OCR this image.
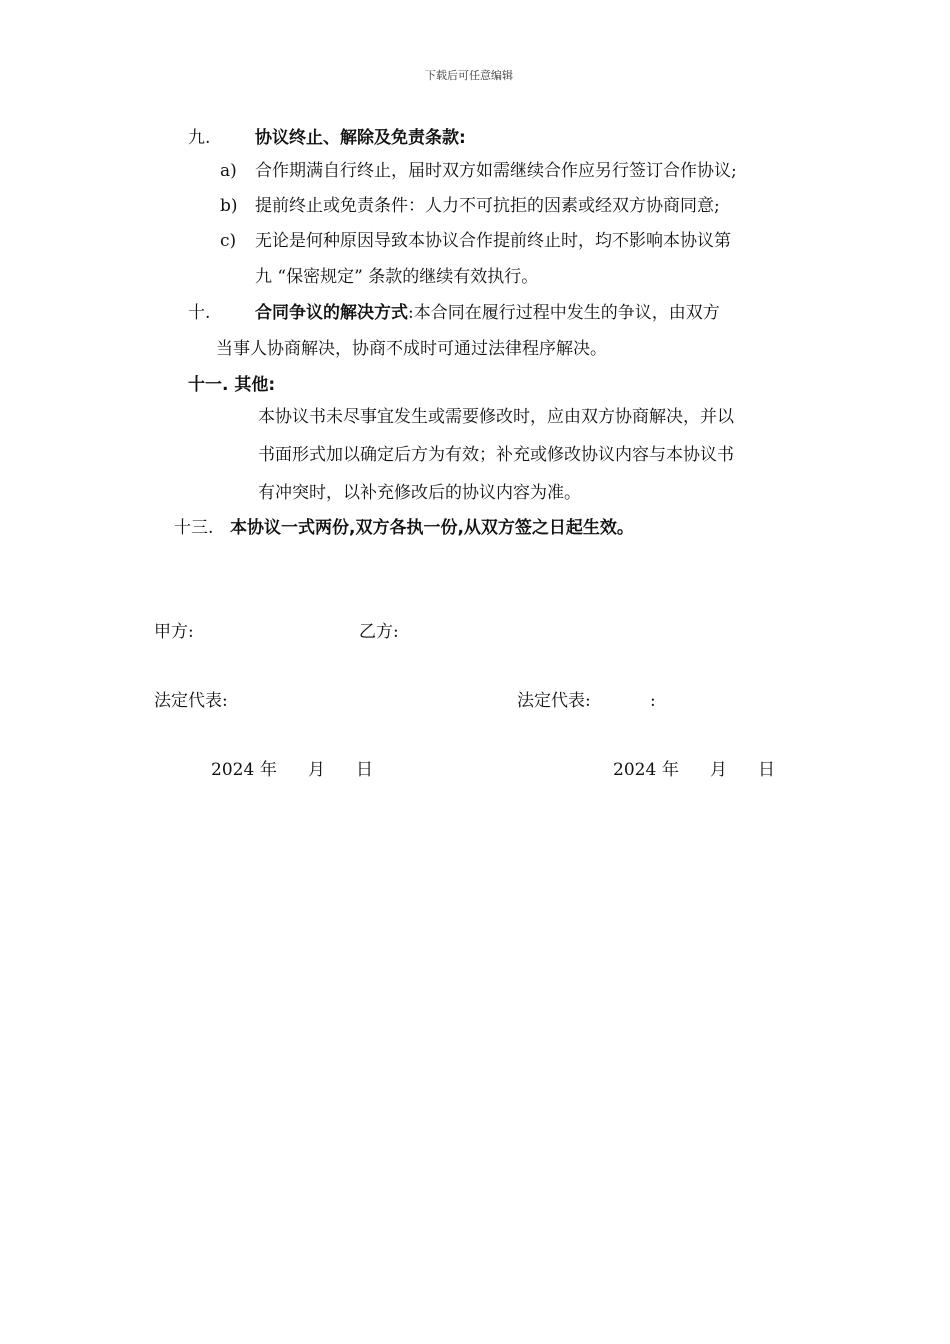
下载后可任意编辑
九.	协议终止、解除及免责条款:
a) 合作期满自行终止，届时双方如需继续合作应另行签订合作协议;
b) 提前终止或免责条件：人力不可抗拒的因素或经双方协商同意;
c) 无论是何种原因导致本协议合作提前终止时，均不影响本协议第
九 “保密规定” 条款的继续有效执行。
十.	合同争议的解决方式:本合同在履行过程中发生的争议，由双方
当事人协商解决，协商不成时可通过法律程序解决。
十一. 其他:
本协议书未尽事宜发生或需要修改时，应由双方协商解决，并以
书面形式加以确定后方为有效；补充或修改协议内容与本协议书
有冲突时，以补充修改后的协议内容为准。
十三. 本协议一式两份,双方各执一份,从双方签之日起生效。
甲方:	乙方:
法定代表:	法定代表:	:
2024 年 月 日	2024 年 月 日
